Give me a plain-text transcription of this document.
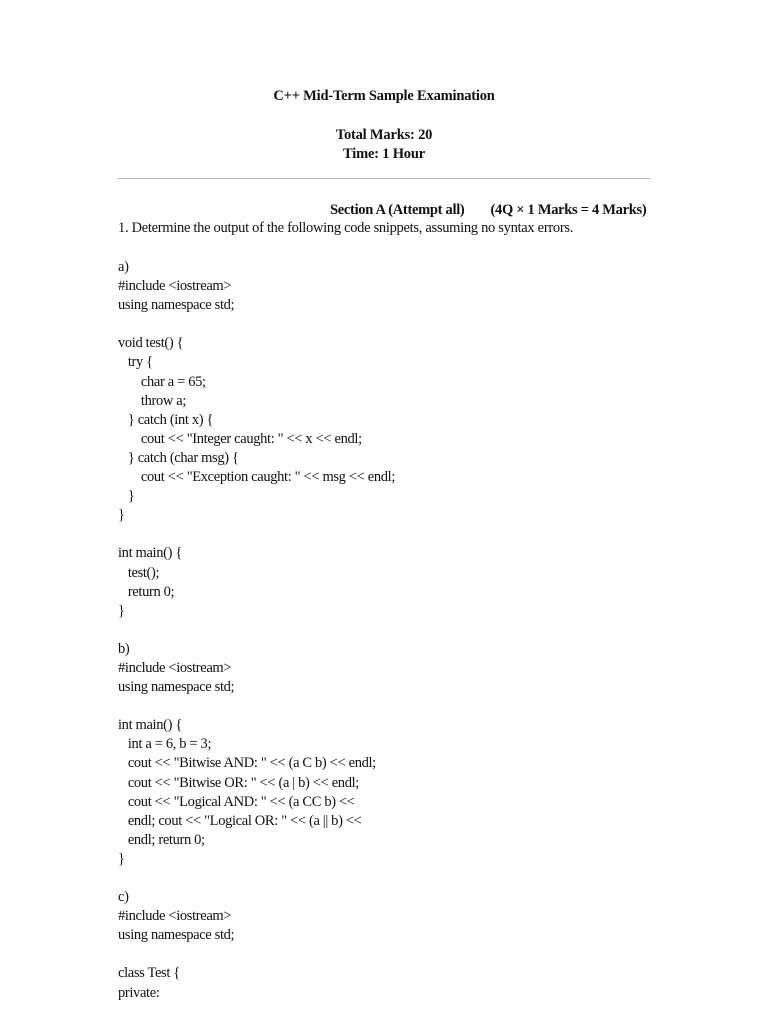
C++ Mid-Term Sample Examination
Total Marks: 20
Time: 1 Hour
Section A (Attempt all) (4Q × 1 Marks = 4 Marks)
1. Determine the output of the following code snippets, assuming no syntax errors.
a)
#include <iostream>
using namespace std;
void test() {
try {
char a = 65;
throw a;
} catch (int x) {
cout << "Integer caught: " << x << endl;
} catch (char msg) {
cout << "Exception caught: " << msg << endl;
}
}
int main() {
test();
return 0;
}
b)
#include <iostream>
using namespace std;
int main() {
int a = 6, b = 3;
cout << "Bitwise AND: " << (a C b) << endl;
cout << "Bitwise OR: " << (a | b) << endl;
cout << "Logical AND: " << (a CC b) <<
endl; cout << "Logical OR: " << (a || b) <<
endl; return 0;
}
c)
#include <iostream>
using namespace std;
class Test {
private:
